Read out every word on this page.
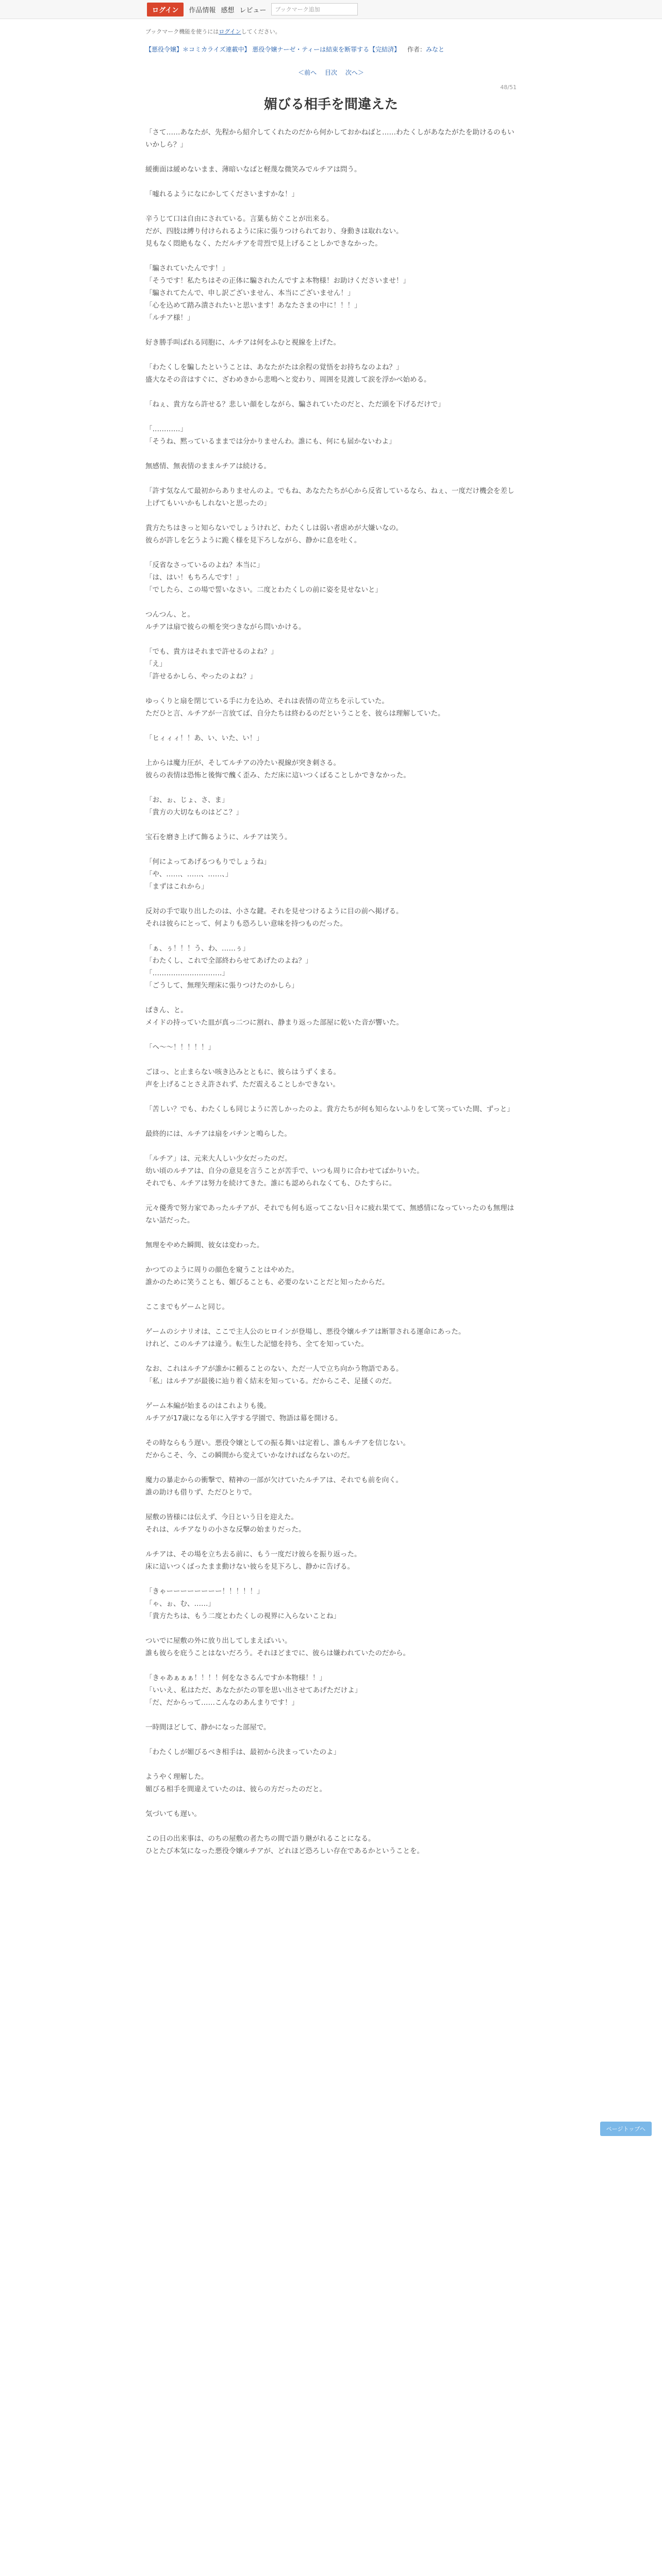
ログイン	作品情報 感想 レビュー	ブックマーク追加
ブックマーク機能を使うにはログインしてください。
【悪役令嬢】＊コミカライズ連載中】 悪役令嬢ナーゼ・ティーは結束を断罪する【完結済】 作者：みなと
＜前へ 目次 次へ＞
48/51
媚びる相手を間違えた

「さて……あなたが、先程から紹介してくれたのだから何かしておかねばと……わたくしがあなたがたを助けるのもいいかしら？」

緩衝面は緩めないまま、薄暗いなばと軽蔑な微笑みでルチアは問う。

「嘘れるようになにかしてくださいますかな！」

辛うじて口は自由にされている。言葉も紡ぐことが出来る。
だが、四肢は縛り付けられるように床に張りつけられており、身動きは取れない。
見もなく悶絶もなく、ただルチアを苛烈で見上げることしかできなかった。

「騙されていたんです！」
「そうです！私たちはその正体に騙されたんですよ本物様！お助けくださいませ！」
「騙されてたんで、申し訳ございません、本当にございません！」
「心を込めて踏み潰されたいと思います！あなたさまの中に！！！」
「ルチア様！」

好き勝手叫ばれる同胞に、ルチアは何をふむと視線を上げた。

「わたくしを騙したということは、あなたがたは余程の覚悟をお持ちなのよね？」
盛大なその音はすぐに、ざわめきから悲鳴へと変わり、周囲を見渡して涙を浮かべ始める。

「ねぇ、貴方なら許せる？悲しい顔をしながら、騙されていたのだと、ただ頭を下げるだけで」

「…………」
「そうね、黙っているままでは分かりませんわ。誰にも、何にも届かないわよ」

無感情、無表情のままルチアは続ける。

「許す気なんて最初からありませんのよ。でもね、あなたたちが心から反省しているなら、ねぇ、一度だけ機会を差し上げてもいいかもしれないと思ったの」

貴方たちはきっと知らないでしょうけれど、わたくしは弱い者虐めが大嫌いなの。
彼らが許しを乞うように跪く様を見下ろしながら、静かに息を吐く。

「反省なさっているのよね？本当に」
「は、はい！もちろんです！」
「でしたら、この場で誓いなさい。二度とわたくしの前に姿を見せないと」

つんつん、と。
ルチアは扇で彼らの頬を突つきながら問いかける。

「でも、貴方はそれまで許せるのよね？」
「え」
「許せるかしら、やったのよね？」

ゆっくりと扇を閉じている手に力を込め、それは表情の苛立ちを示していた。
ただひと言、ルチアが一言放てば、自分たちは終わるのだということを、彼らは理解していた。

「ヒィィィ！！あ、い、いた、い！」

上からは魔力圧が、そしてルチアの冷たい視線が突き刺さる。
彼らの表情は恐怖と後悔で醜く歪み、ただ床に這いつくばることしかできなかった。

「お、ぉ、じょ、さ、ま」
「貴方の大切なものはどこ？」

宝石を磨き上げて飾るように、ルチアは笑う。

「何によってあげるつもりでしょうね」
「や、……、……、……、」
「まずはこれから」

反対の手で取り出したのは、小さな鍵。それを見せつけるように目の前へ掲げる。
それは彼らにとって、何よりも恐ろしい意味を持つものだった。

「ぁ、ぅ！！！う、わ、……ぅ」
「わたくし、これで全部終わらせてあげたのよね？」
「…………………………」
「ごうして、無理矢理床に張りつけたのかしら」

ぱきん、と。
メイドの持っていた皿が真っ二つに割れ、静まり返った部屋に乾いた音が響いた。

「ヘ〜〜！！！！！」

ごほっ、と止まらない咳き込みとともに、彼らはうずくまる。
声を上げることさえ許されず、ただ震えることしかできない。

「苦しい？でも、わたくしも同じように苦しかったのよ。貴方たちが何も知らないふりをして笑っていた間、ずっと」

最終的には、ルチアは扇をパチンと鳴らした。

「ルチア」は、元来大人しい少女だったのだ。
幼い頃のルチアは、自分の意見を言うことが苦手で、いつも周りに合わせてばかりいた。
それでも、ルチアは努力を続けてきた。誰にも認められなくても、ひたすらに。

元々優秀で努力家であったルチアが、それでも何も返ってこない日々に疲れ果てて、無感情になっていったのも無理はない話だった。

無理をやめた瞬間、彼女は変わった。

かつてのように周りの顔色を窺うことはやめた。
誰かのために笑うことも、媚びることも、必要のないことだと知ったからだ。

ここまでもゲームと同じ。

ゲームのシナリオは、ここで主人公のヒロインが登場し、悪役令嬢ルチアは断罪される運命にあった。
けれど、このルチアは違う。転生した記憶を持ち、全てを知っていた。

なお、これはルチアが誰かに頼ることのない、ただ一人で立ち向かう物語である。
「私」はルチアが最後に辿り着く結末を知っている。だからこそ、足掻くのだ。

ゲーム本編が始まるのはこれよりも後。
ルチアが17歳になる年に入学する学園で、物語は幕を開ける。

その時ならもう遅い。悪役令嬢としての振る舞いは定着し、誰もルチアを信じない。
だからこそ、今、この瞬間から変えていかなければならないのだ。

魔力の暴走からの衝撃で、精神の一部が欠けていたルチアは、それでも前を向く。
誰の助けも借りず、ただひとりで。

屋敷の皆様には伝えず、今日という日を迎えた。
それは、ルチアなりの小さな反撃の始まりだった。

ルチアは、その場を立ち去る前に、もう一度だけ彼らを振り返った。
床に這いつくばったまま動けない彼らを見下ろし、静かに告げる。

「きゃーーーーーーーー！！！！！」
「ゃ、ぉ、む、……」
「貴方たちは、もう二度とわたくしの視界に入らないことね」

ついでに屋敷の外に放り出してしまえばいい。
誰も彼らを庇うことはないだろう。それほどまでに、彼らは嫌われていたのだから。

「きゃあぁぁぁ！！！！何をなさるんですか本物様！！」
「いいえ、私はただ、あなたがたの罪を思い出させてあげただけよ」
「だ、だからって……こんなのあんまりです！」

一時間ほどして、静かになった部屋で。

「わたくしが媚びるべき相手は、最初から決まっていたのよ」

ようやく理解した。
媚びる相手を間違えていたのは、彼らの方だったのだと。

気づいても遅い。

この日の出来事は、のちの屋敷の者たちの間で語り継がれることになる。
ひとたび本気になった悪役令嬢ルチアが、どれほど恐ろしい存在であるかということを。

ページトップへ
